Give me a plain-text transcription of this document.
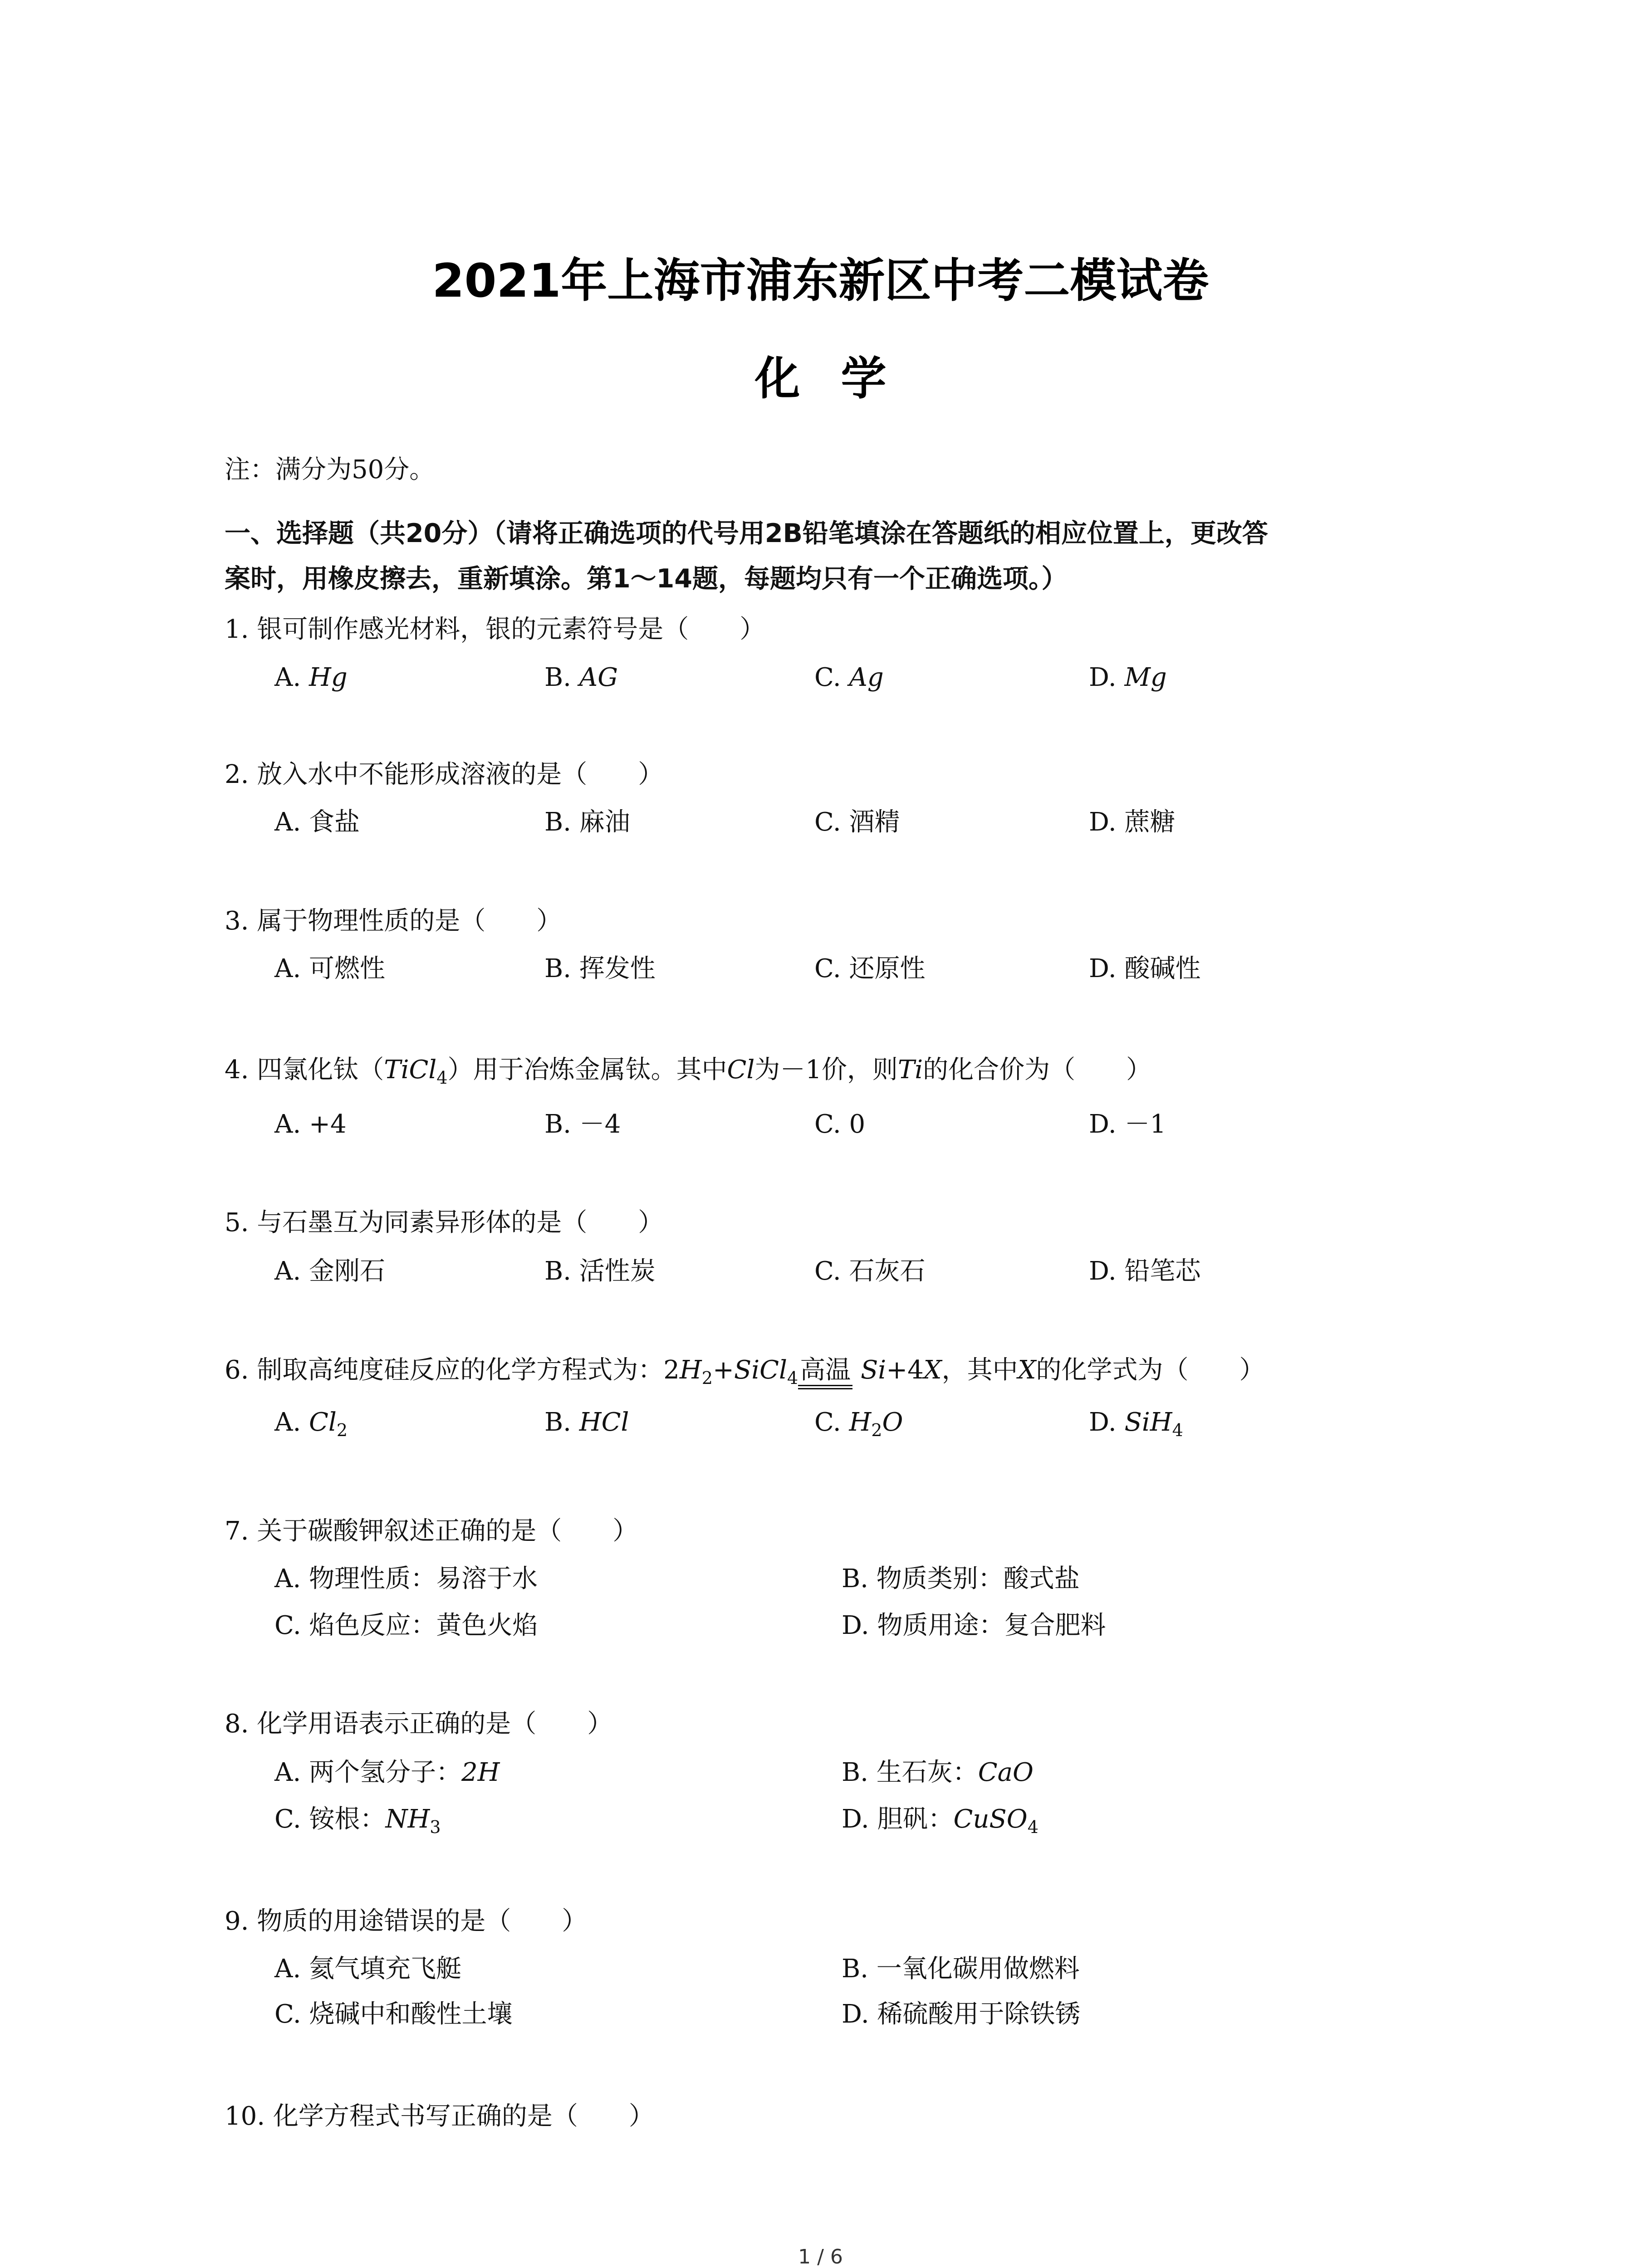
2021年上海市浦东新区中考二模试卷
化学
注：满分为50分。
一、选择题（共20分）（请将正确选项的代号用2B铅笔填涂在答题纸的相应位置上，更改答
案时，用橡皮擦去，重新填涂。第1～14题，每题均只有一个正确选项。）
1. 银可制作感光材料，银的元素符号是（　　）
A. Hg	B. AG	C. Ag	D. Mg
2. 放入水中不能形成溶液的是（　　）
A. 食盐	B. 麻油	C. 酒精	D. 蔗糖
3. 属于物理性质的是（　　）
A. 可燃性	B. 挥发性	C. 还原性	D. 酸碱性
4. 四氯化钛（TiCl$_4$）用于冶炼金属钛。其中Cl为－1价，则Ti的化合价为（　　）
A. +4	B. －4	C. 0	D. －1
5. 与石墨互为同素异形体的是（　　）
A. 金刚石	B. 活性炭	C. 石灰石	D. 铅笔芯
6. 制取高纯度硅反应的化学方程式为：$2H_2+SiCl_4$高温 Si+4X，其中X的化学式为（　　）
A. $Cl_2$	B. HCl	C. $H_2O$	D. SiH$_4$
7. 关于碳酸钾叙述正确的是（　　）
A. 物理性质：易溶于水	B. 物质类别：酸式盐
C. 焰色反应：黄色火焰	D. 物质用途：复合肥料
8. 化学用语表示正确的是（　　）
A. 两个氢分子：2H	B. 生石灰：CaO
C. 铵根：$NH_3$	D. 胆矾：CuSO$_4$
9. 物质的用途错误的是（　　）
A. 氦气填充飞艇	B. 一氧化碳用做燃料
C. 烧碱中和酸性土壤	D. 稀硫酸用于除铁锈
10. 化学方程式书写正确的是（　　）
1 / 6
